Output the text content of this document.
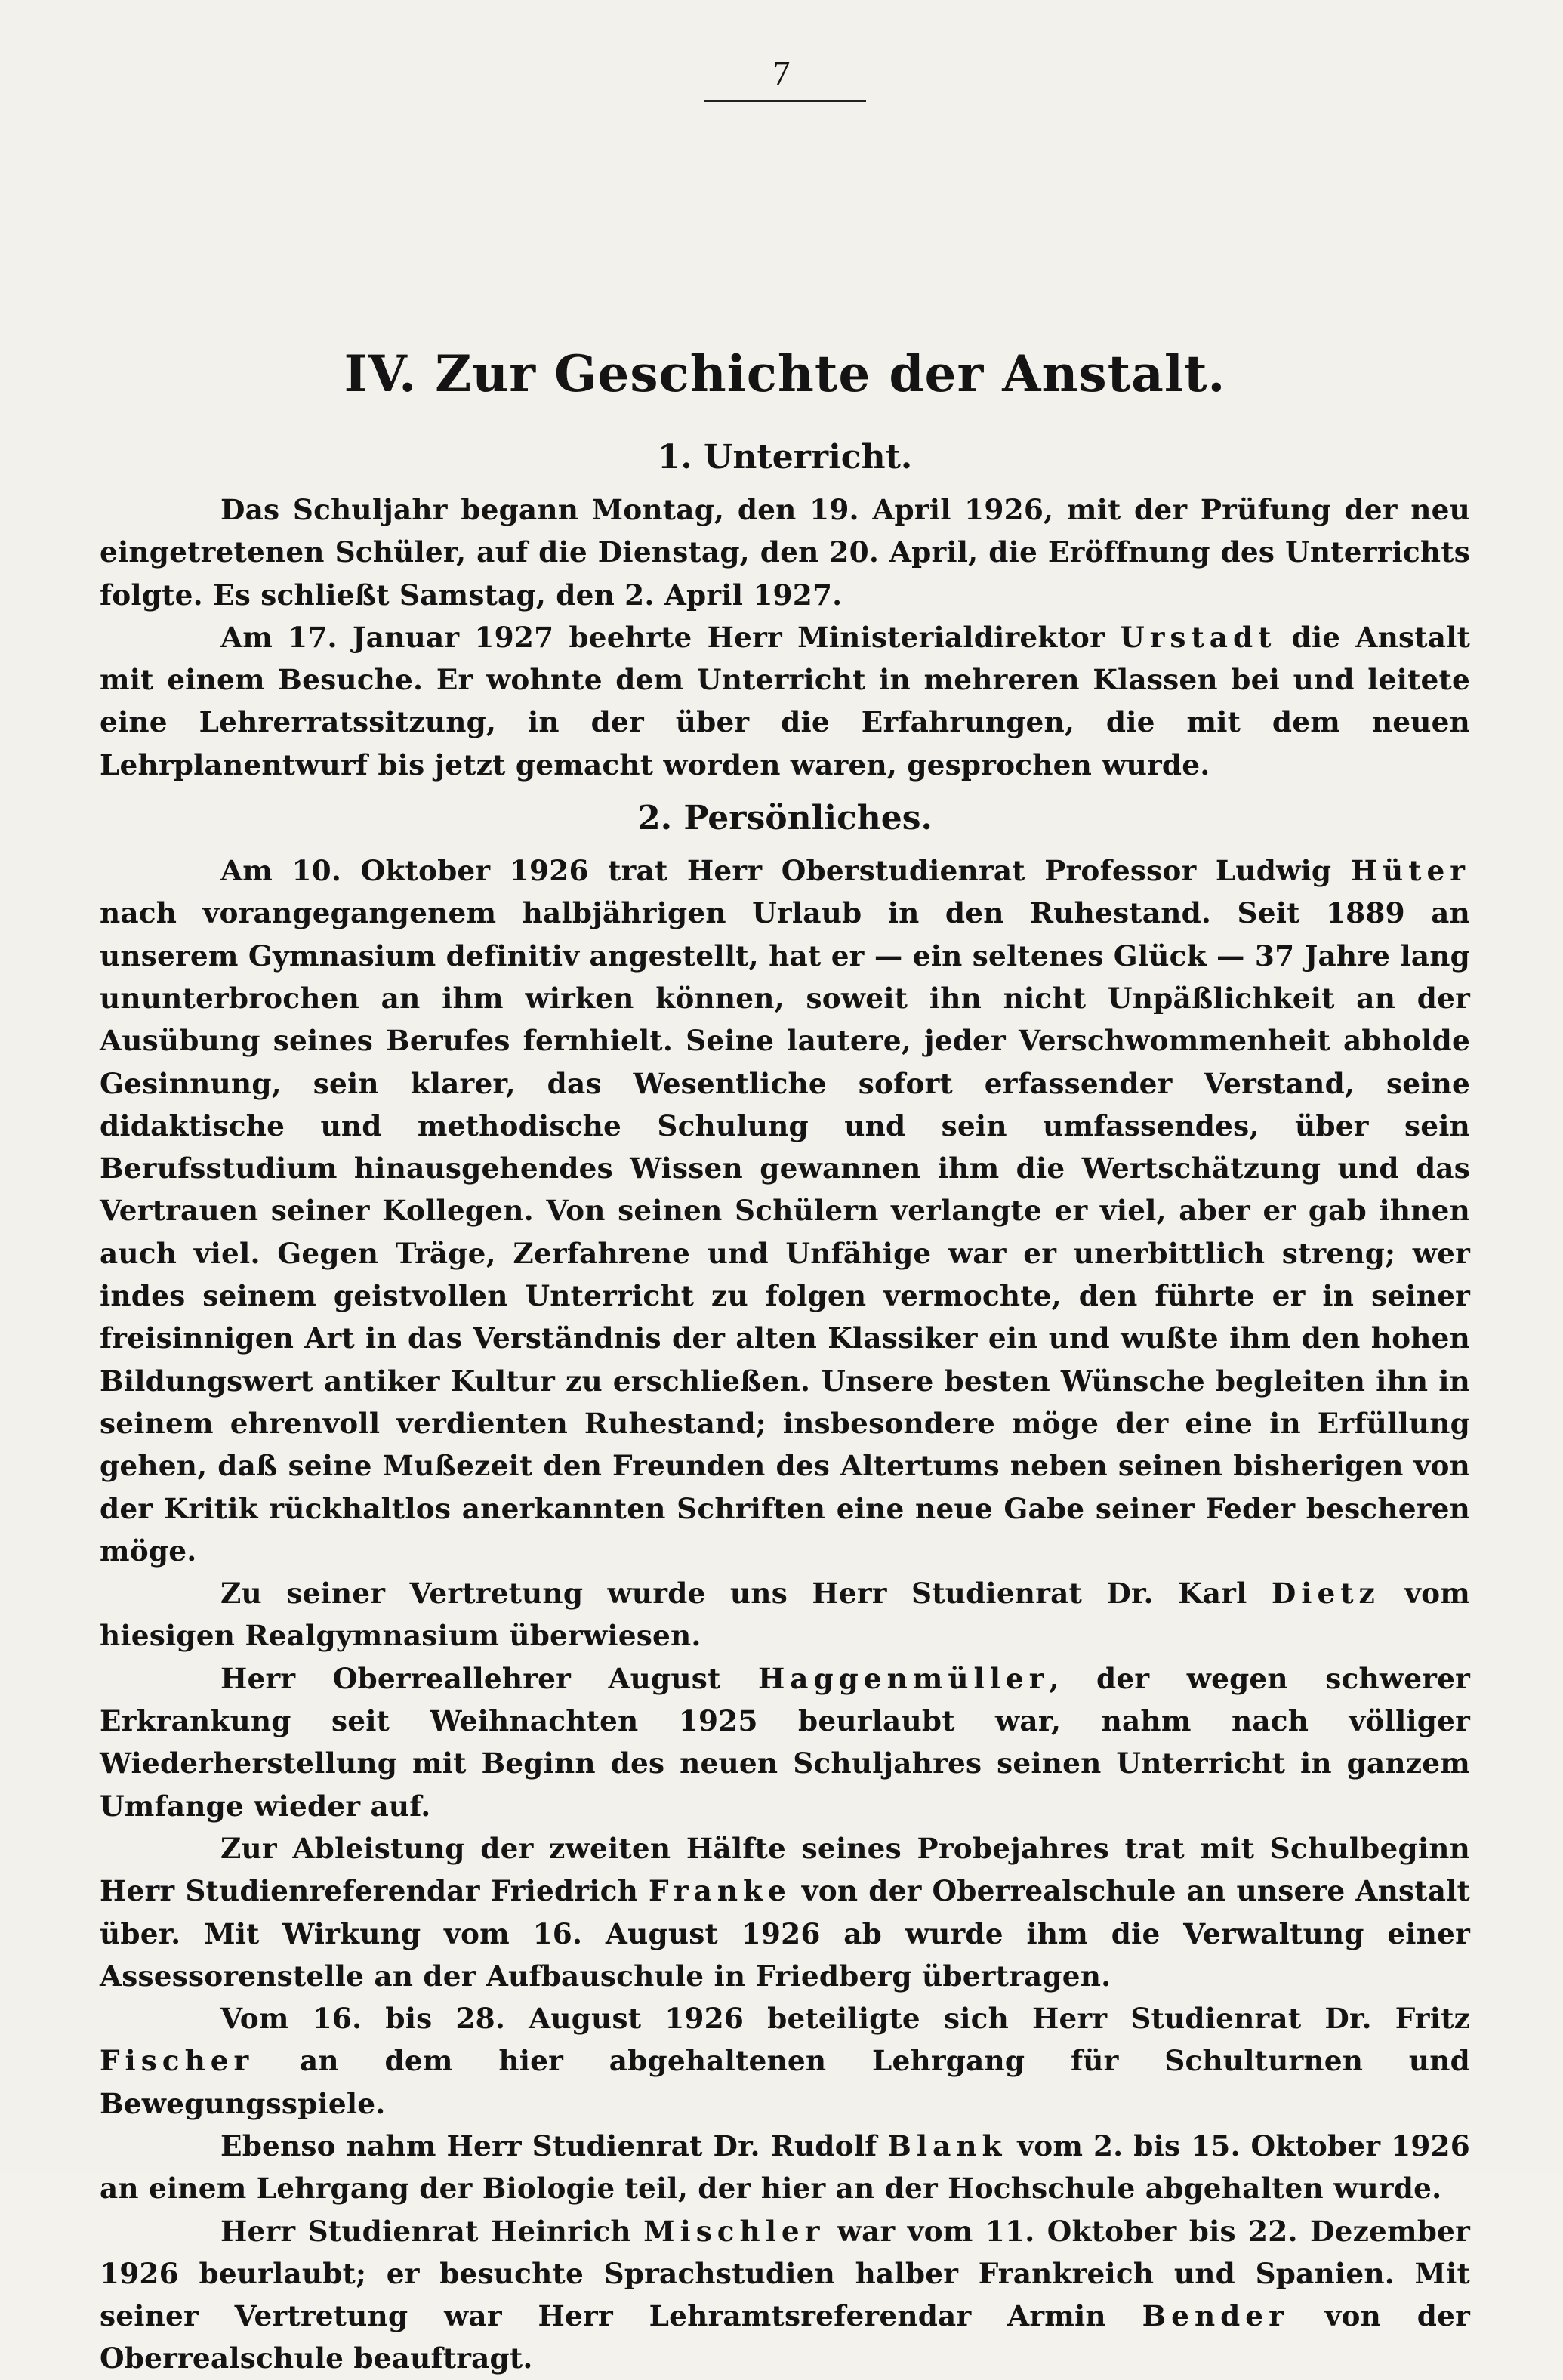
7
IV. Zur Geschichte der Anstalt.
1. Unterricht.

Das Schuljahr begann Montag, den 19. April 1926, mit der Prüfung der neu eingetretenen Schüler, auf die Dienstag, den 20. April, die Eröffnung des Unterrichts folgte. Es schließt Samstag, den 2. April 1927.

Am 17. Januar 1927 beehrte Herr Ministerialdirektor Urstadt die Anstalt mit einem Besuche. Er wohnte dem Unterricht in mehreren Klassen bei und leitete eine Lehrerratssitzung, in der über die Erfahrungen, die mit dem neuen Lehrplanentwurf bis jetzt gemacht worden waren, gesprochen wurde.

2. Persönliches.

Am 10. Oktober 1926 trat Herr Oberstudienrat Professor Ludwig Hüter nach vorangegangenem halbjährigen Urlaub in den Ruhestand. Seit 1889 an unserem Gymnasium definitiv angestellt, hat er — ein seltenes Glück — 37 Jahre lang ununterbrochen an ihm wirken können, soweit ihn nicht Unpäßlichkeit an der Ausübung seines Berufes fernhielt. Seine lautere, jeder Verschwommenheit abholde Gesinnung, sein klarer, das Wesentliche sofort erfassender Verstand, seine didaktische und methodische Schulung und sein umfassendes, über sein Berufsstudium hinausgehendes Wissen gewannen ihm die Wertschätzung und das Vertrauen seiner Kollegen. Von seinen Schülern verlangte er viel, aber er gab ihnen auch viel. Gegen Träge, Zerfahrene und Unfähige war er unerbittlich streng; wer indes seinem geistvollen Unterricht zu folgen vermochte, den führte er in seiner freisinnigen Art in das Verständnis der alten Klassiker ein und wußte ihm den hohen Bildungswert antiker Kultur zu erschließen. Unsere besten Wünsche begleiten ihn in seinem ehrenvoll verdienten Ruhestand; insbesondere möge der eine in Erfüllung gehen, daß seine Mußezeit den Freunden des Altertums neben seinen bisherigen von der Kritik rückhaltlos anerkannten Schriften eine neue Gabe seiner Feder bescheren möge.

Zu seiner Vertretung wurde uns Herr Studienrat Dr. Karl Dietz vom hiesigen Realgymnasium überwiesen.

Herr Oberreallehrer August Haggenmüller, der wegen schwerer Erkrankung seit Weihnachten 1925 beurlaubt war, nahm nach völliger Wiederherstellung mit Beginn des neuen Schuljahres seinen Unterricht in ganzem Umfange wieder auf.

Zur Ableistung der zweiten Hälfte seines Probejahres trat mit Schulbeginn Herr Studienreferendar Friedrich Franke von der Oberrealschule an unsere Anstalt über. Mit Wirkung vom 16. August 1926 ab wurde ihm die Verwaltung einer Assessorenstelle an der Aufbauschule in Friedberg übertragen.

Vom 16. bis 28. August 1926 beteiligte sich Herr Studienrat Dr. Fritz Fischer an dem hier abgehaltenen Lehrgang für Schulturnen und Bewegungsspiele.

Ebenso nahm Herr Studienrat Dr. Rudolf Blank vom 2. bis 15. Oktober 1926 an einem Lehrgang der Biologie teil, der hier an der Hochschule abgehalten wurde.

Herr Studienrat Heinrich Mischler war vom 11. Oktober bis 22. Dezember 1926 beurlaubt; er besuchte Sprachstudien halber Frankreich und Spanien. Mit seiner Vertretung war Herr Lehramtsreferendar Armin Bender von der Oberrealschule beauftragt.
